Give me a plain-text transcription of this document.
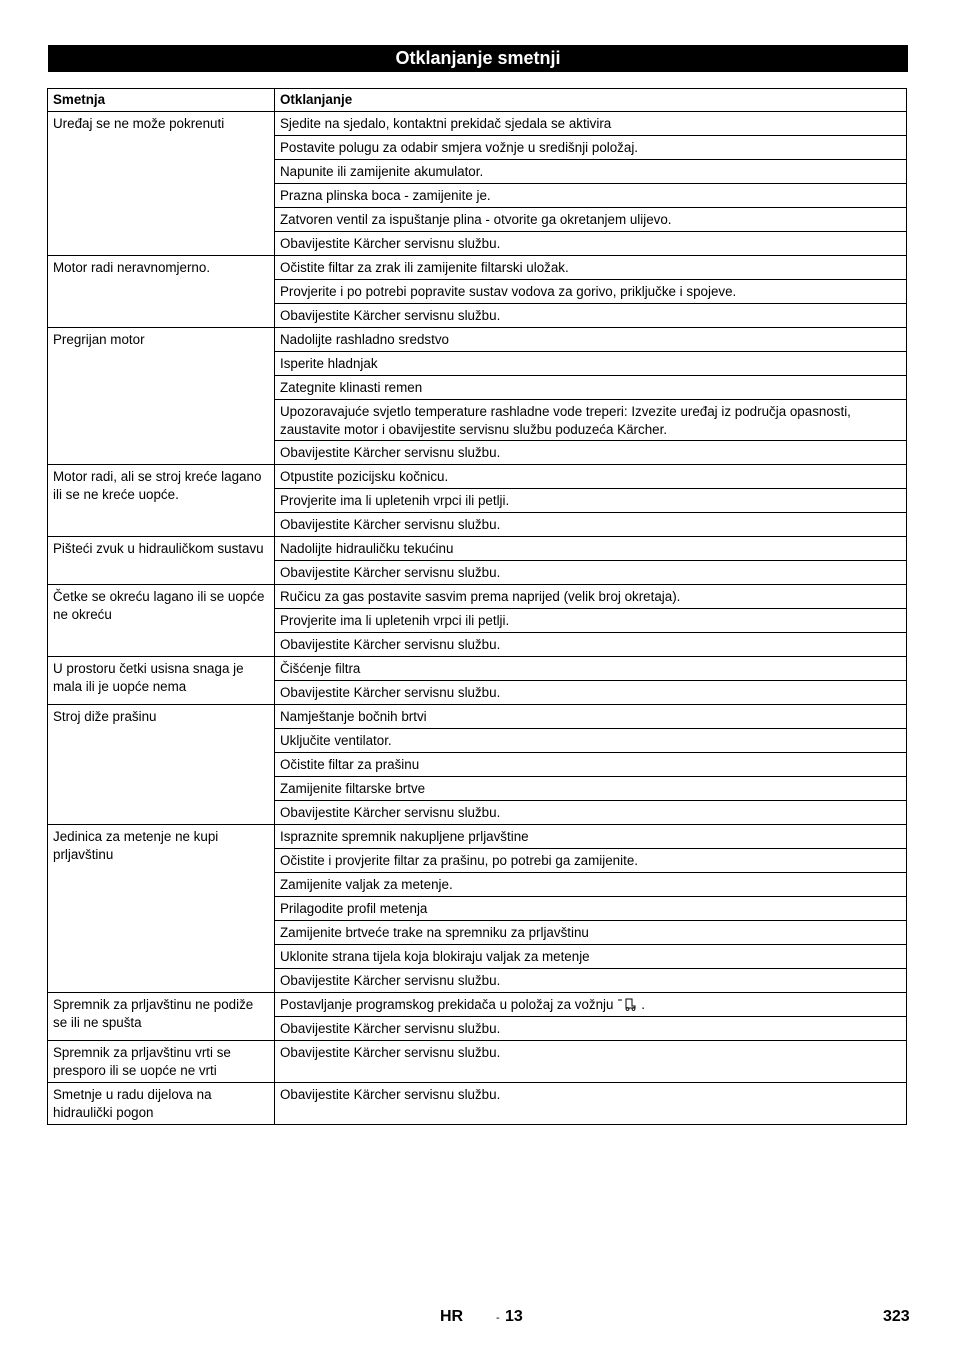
Otklanjanje smetnji
Smetnja	Otklanjanje
Uređaj se ne može pokrenuti	Sjedite na sjedalo, kontaktni prekidač sjedala se aktivira
	Postavite polugu za odabir smjera vožnje u središnji položaj.
	Napunite ili zamijenite akumulator.
	Prazna plinska boca - zamijenite je.
	Zatvoren ventil za ispuštanje plina - otvorite ga okretanjem ulijevo.
	Obavijestite Kärcher servisnu službu.
Motor radi neravnomjerno.	Očistite filtar za zrak ili zamijenite filtarski uložak.
	Provjerite i po potrebi popravite sustav vodova za gorivo, priključke i spojeve.
	Obavijestite Kärcher servisnu službu.
Pregrijan motor	Nadolijte rashladno sredstvo
	Isperite hladnjak
	Zategnite klinasti remen
	Upozoravajuće svjetlo temperature rashladne vode treperi: Izvezite uređaj iz područja opasnosti, zaustavite motor i obavijestite servisnu službu poduzeća Kärcher.
	Obavijestite Kärcher servisnu službu.
Motor radi, ali se stroj kreće lagano ili se ne kreće uopće.	Otpustite pozicijsku kočnicu.
	Provjerite ima li upletenih vrpci ili petlji.
	Obavijestite Kärcher servisnu službu.
Pišteći zvuk u hidrauličkom sustavu	Nadolijte hidrauličku tekućinu
	Obavijestite Kärcher servisnu službu.
Četke se okreću lagano ili se uopće ne okreću	Ručicu za gas postavite sasvim prema naprijed (velik broj okretaja).
	Provjerite ima li upletenih vrpci ili petlji.
	Obavijestite Kärcher servisnu službu.
U prostoru četki usisna snaga je mala ili je uopće nema	Čišćenje filtra
	Obavijestite Kärcher servisnu službu.
Stroj diže prašinu	Namještanje bočnih brtvi
	Uključite ventilator.
	Očistite filtar za prašinu
	Zamijenite filtarske brtve
	Obavijestite Kärcher servisnu službu.
Jedinica za metenje ne kupi prljavštinu	Ispraznite spremnik nakupljene prljavštine
	Očistite i provjerite filtar za prašinu, po potrebi ga zamijenite.
	Zamijenite valjak za metenje.
	Prilagodite profil metenja
	Zamijenite brtveće trake na spremniku za prljavštinu
	Uklonite strana tijela koja blokiraju valjak za metenje
	Obavijestite Kärcher servisnu službu.
Spremnik za prljavštinu ne podiže se ili ne spušta	Postavljanje programskog prekidača u položaj za vožnju .
	Obavijestite Kärcher servisnu službu.
Spremnik za prljavštinu vrti se presporo ili se uopće ne vrti	Obavijestite Kärcher servisnu službu.
Smetnje u radu dijelova na hidraulički pogon	Obavijestite Kärcher servisnu službu.
HR	- 13	323
